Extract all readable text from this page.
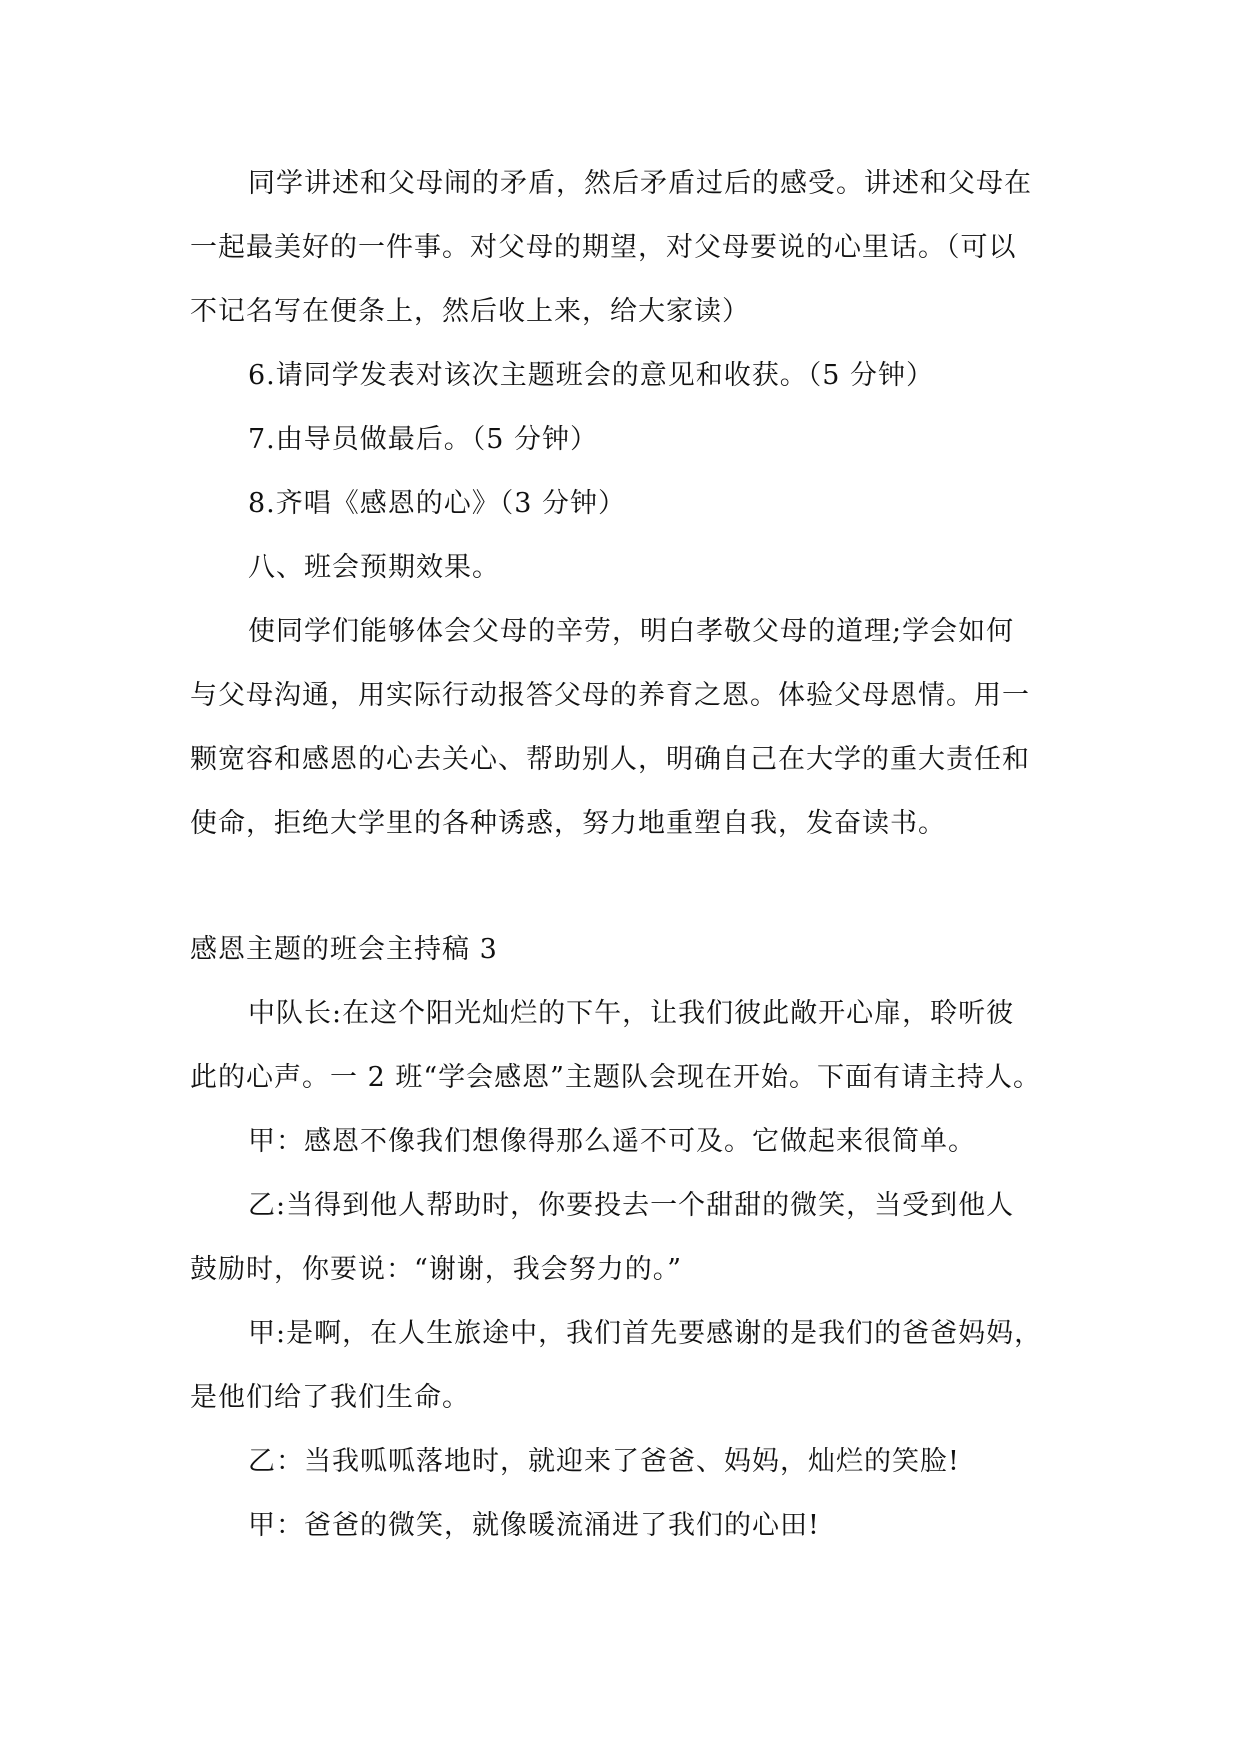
同学讲述和父母闹的矛盾，然后矛盾过后的感受。讲述和父母在
一起最美好的一件事。对父母的期望，对父母要说的心里话。（可以
不记名写在便条上，然后收上来，给大家读）
6.请同学发表对该次主题班会的意见和收获。（5 分钟）
7.由导员做最后。（5 分钟）
8.齐唱《感恩的心》（3 分钟）
八、班会预期效果。
使同学们能够体会父母的辛劳，明白孝敬父母的道理;学会如何
与父母沟通，用实际行动报答父母的养育之恩。体验父母恩情。用一
颗宽容和感恩的心去关心、帮助别人，明确自己在大学的重大责任和
使命，拒绝大学里的各种诱惑，努力地重塑自我，发奋读书。
感恩主题的班会主持稿 3
中队长:在这个阳光灿烂的下午，让我们彼此敞开心扉，聆听彼
此的心声。一 2 班“学会感恩”主题队会现在开始。下面有请主持人。
甲：感恩不像我们想像得那么遥不可及。它做起来很简单。
乙:当得到他人帮助时，你要投去一个甜甜的微笑，当受到他人
鼓励时，你要说：“谢谢，我会努力的。”
甲:是啊，在人生旅途中，我们首先要感谢的是我们的爸爸妈妈，
是他们给了我们生命。
乙：当我呱呱落地时，就迎来了爸爸、妈妈，灿烂的笑脸!
甲：爸爸的微笑，就像暖流涌进了我们的心田!
